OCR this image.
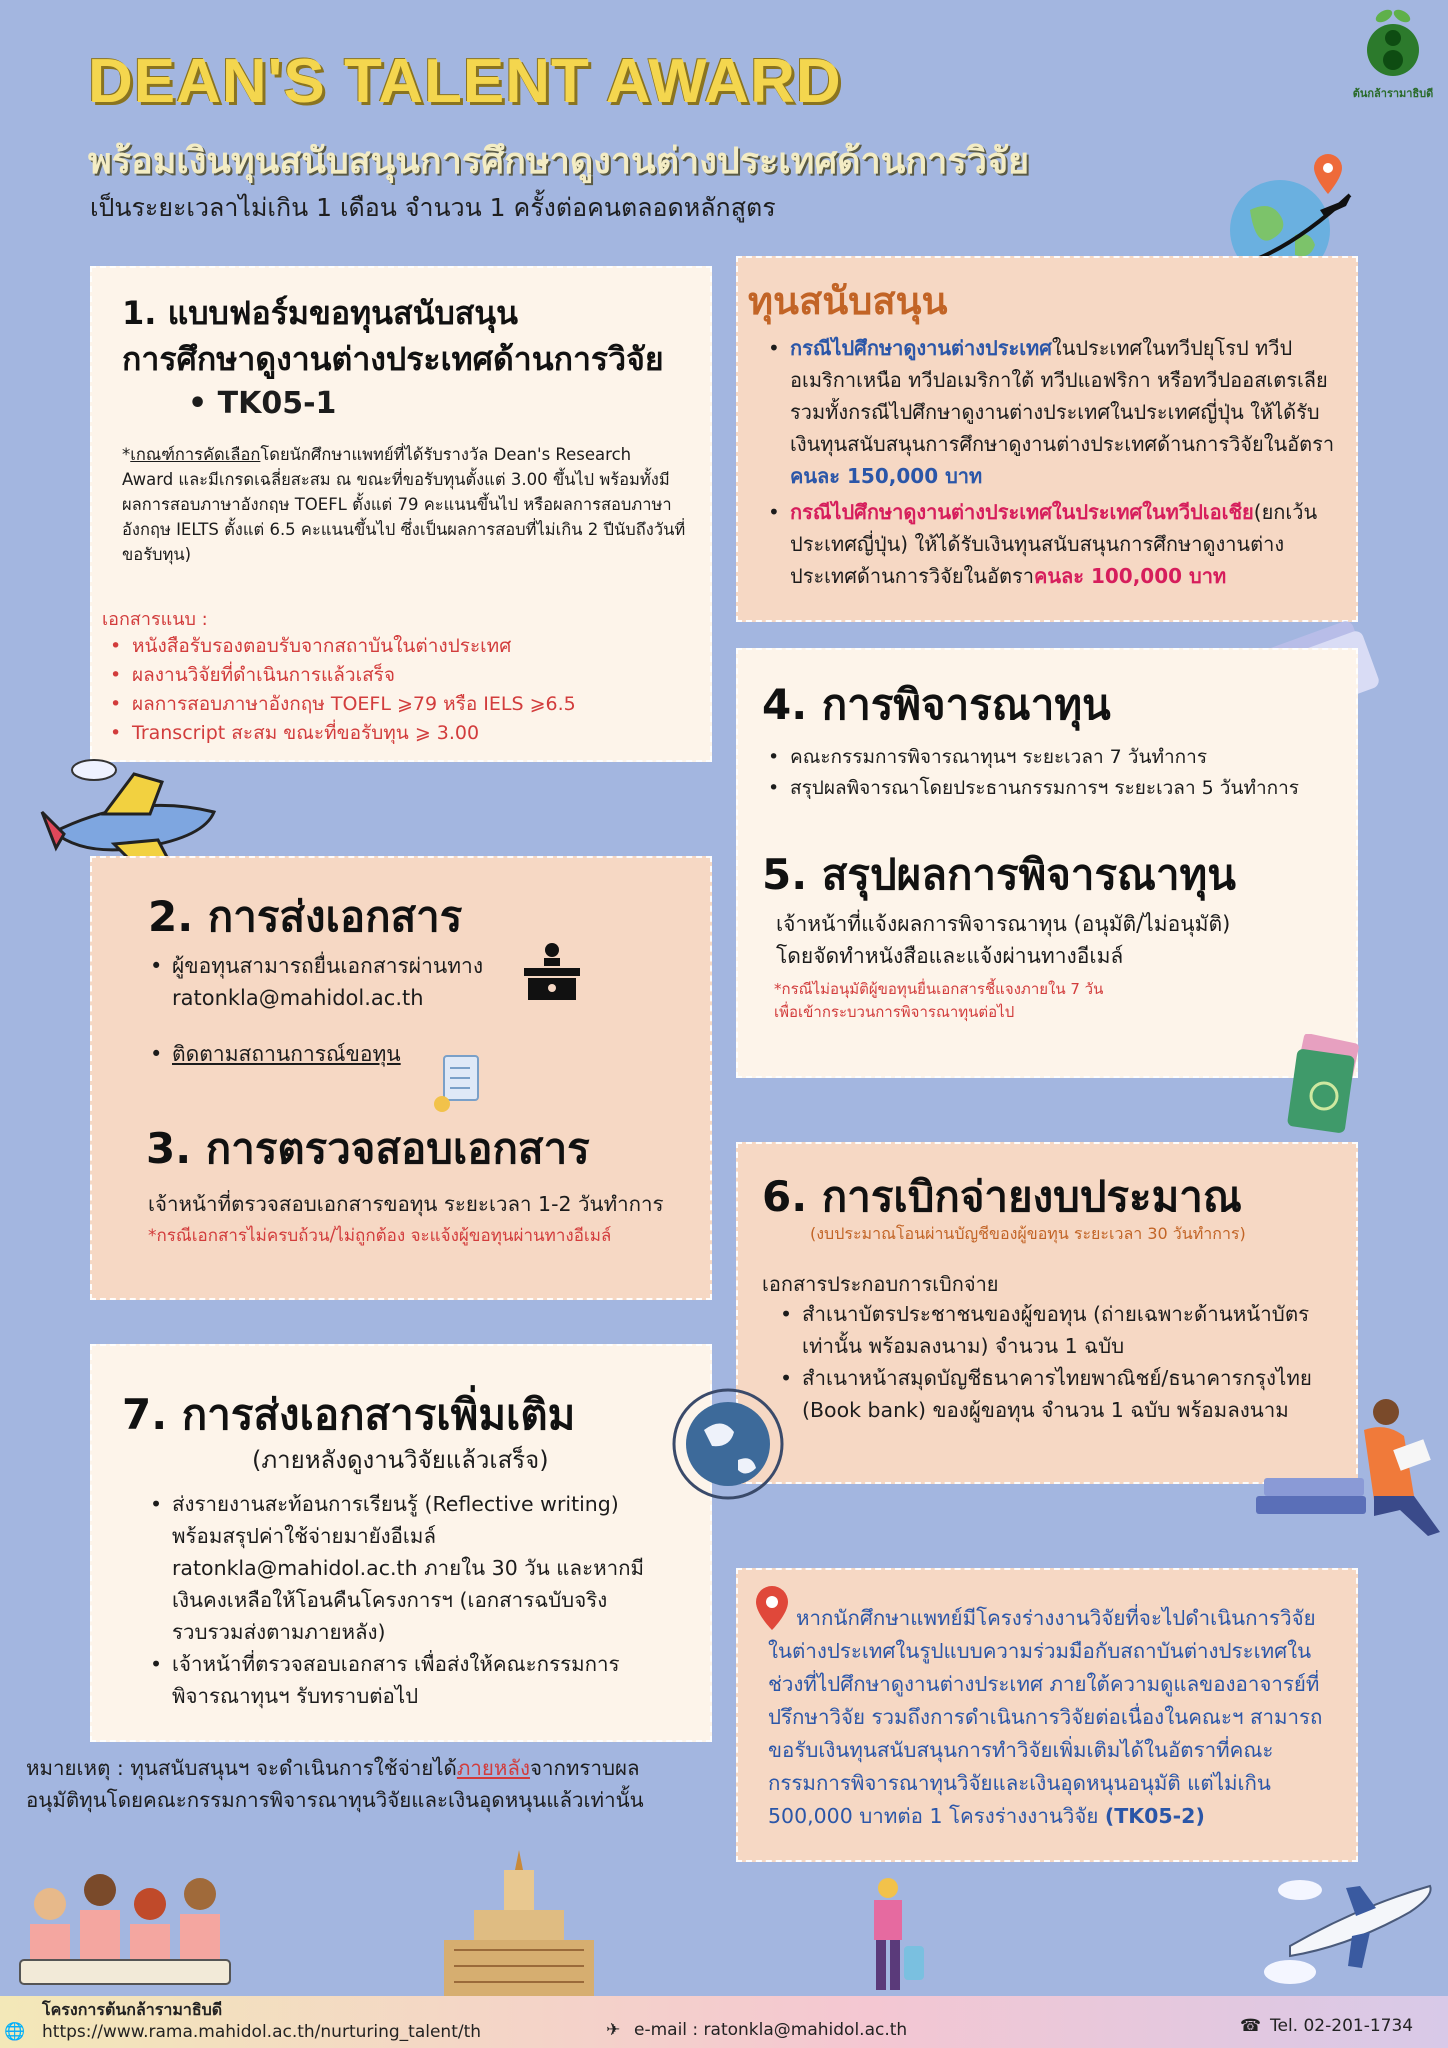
DEAN'S TALENT AWARD
พร้อมเงินทุนสนับสนุนการศึกษาดูงานต่างประเทศด้านการวิจัย
เป็นระยะเวลาไม่เกิน 1 เดือน จำนวน 1 ครั้งต่อคนตลอดหลักสูตร
ต้นกล้ารามาธิบดี
1. แบบฟอร์มขอทุนสนับสนุน
การศึกษาดูงานต่างประเทศด้านการวิจัย
• TK05-1
*เกณฑ์การคัดเลือกโดยนักศึกษาแพทย์ที่ได้รับรางวัล Dean's Research Award และมีเกรดเฉลี่ยสะสม ณ ขณะที่ขอรับทุนตั้งแต่ 3.00 ขึ้นไป พร้อมทั้งมีผลการสอบภาษาอังกฤษ TOEFL ตั้งแต่ 79 คะแนนขึ้นไป หรือผลการสอบภาษาอังกฤษ IELTS ตั้งแต่ 6.5 คะแนนขึ้นไป ซึ่งเป็นผลการสอบที่ไม่เกิน 2 ปีนับถึงวันที่ขอรับทุน)
เอกสารแนบ :
• หนังสือรับรองตอบรับจากสถาบันในต่างประเทศ
• ผลงานวิจัยที่ดำเนินการแล้วเสร็จ
• ผลการสอบภาษาอังกฤษ TOEFL ⩾79 หรือ IELS ⩾6.5
• Transcript สะสม ขณะที่ขอรับทุน ⩾ 3.00
ทุนสนับสนุน
• กรณีไปศึกษาดูงานต่างประเทศในประเทศในทวีปยุโรป ทวีปอเมริกาเหนือ ทวีปอเมริกาใต้ ทวีปแอฟริกา หรือทวีปออสเตรเลีย รวมทั้งกรณีไปศึกษาดูงานต่างประเทศในประเทศญี่ปุ่น ให้ได้รับเงินทุนสนับสนุนการศึกษาดูงานต่างประเทศด้านการวิจัยในอัตราคนละ 150,000 บาท
• กรณีไปศึกษาดูงานต่างประเทศในประเทศในทวีปเอเชีย(ยกเว้นประเทศญี่ปุ่น) ให้ได้รับเงินทุนสนับสนุนการศึกษาดูงานต่างประเทศด้านการวิจัยในอัตราคนละ 100,000 บาท
4. การพิจารณาทุน
• คณะกรรมการพิจารณาทุนฯ ระยะเวลา 7 วันทำการ
• สรุปผลพิจารณาโดยประธานกรรมการฯ ระยะเวลา 5 วันทำการ
5. สรุปผลการพิจารณาทุน
เจ้าหน้าที่แจ้งผลการพิจารณาทุน (อนุมัติ/ไม่อนุมัติ)
โดยจัดทำหนังสือและแจ้งผ่านทางอีเมล์
*กรณีไม่อนุมัติผู้ขอทุนยื่นเอกสารชี้แจงภายใน 7 วัน
เพื่อเข้ากระบวนการพิจารณาทุนต่อไป
2. การส่งเอกสาร
• ผู้ขอทุนสามารถยื่นเอกสารผ่านทาง
ratonkla@mahidol.ac.th
• ติดตามสถานการณ์ขอทุน
3. การตรวจสอบเอกสาร
เจ้าหน้าที่ตรวจสอบเอกสารขอทุน ระยะเวลา 1-2 วันทำการ
*กรณีเอกสารไม่ครบถ้วน/ไม่ถูกต้อง จะแจ้งผู้ขอทุนผ่านทางอีเมล์
6. การเบิกจ่ายงบประมาณ
(งบประมาณโอนผ่านบัญชีของผู้ขอทุน ระยะเวลา 30 วันทำการ)
เอกสารประกอบการเบิกจ่าย
• สำเนาบัตรประชาชนของผู้ขอทุน (ถ่ายเฉพาะด้านหน้าบัตรเท่านั้น พร้อมลงนาม) จำนวน 1 ฉบับ
• สำเนาหน้าสมุดบัญชีธนาคารไทยพาณิชย์/ธนาคารกรุงไทย (Book bank) ของผู้ขอทุน จำนวน 1 ฉบับ พร้อมลงนาม
7. การส่งเอกสารเพิ่มเติม
(ภายหลังดูงานวิจัยแล้วเสร็จ)
• ส่งรายงานสะท้อนการเรียนรู้ (Reflective writing) พร้อมสรุปค่าใช้จ่ายมายังอีเมล์ ratonkla@mahidol.ac.th ภายใน 30 วัน และหากมีเงินคงเหลือให้โอนคืนโครงการฯ (เอกสารฉบับจริงรวบรวมส่งตามภายหลัง)
• เจ้าหน้าที่ตรวจสอบเอกสาร เพื่อส่งให้คณะกรรมการพิจารณาทุนฯ รับทราบต่อไป
หมายเหตุ : ทุนสนับสนุนฯ จะดำเนินการใช้จ่ายได้ภายหลังจากทราบผล
อนุมัติทุนโดยคณะกรรมการพิจารณาทุนวิจัยและเงินอุดหนุนแล้วเท่านั้น
หากนักศึกษาแพทย์มีโครงร่างงานวิจัยที่จะไปดำเนินการวิจัยในต่างประเทศในรูปแบบความร่วมมือกับสถาบันต่างประเทศในช่วงที่ไปศึกษาดูงานต่างประเทศ ภายใต้ความดูแลของอาจารย์ที่ปรึกษาวิจัย รวมถึงการดำเนินการวิจัยต่อเนื่องในคณะฯ สามารถขอรับเงินทุนสนับสนุนการทำวิจัยเพิ่มเติมได้ในอัตราที่คณะกรรมการพิจารณาทุนวิจัยและเงินอุดหนุนอนุมัติ แต่ไม่เกิน 500,000 บาทต่อ 1 โครงร่างงานวิจัย (TK05-2)
โครงการต้นกล้ารามาธิบดี
🌐 https://www.rama.mahidol.ac.th/nurturing_talent/th	✈ e-mail : ratonkla@mahidol.ac.th	☎ Tel. 02-201-1734
